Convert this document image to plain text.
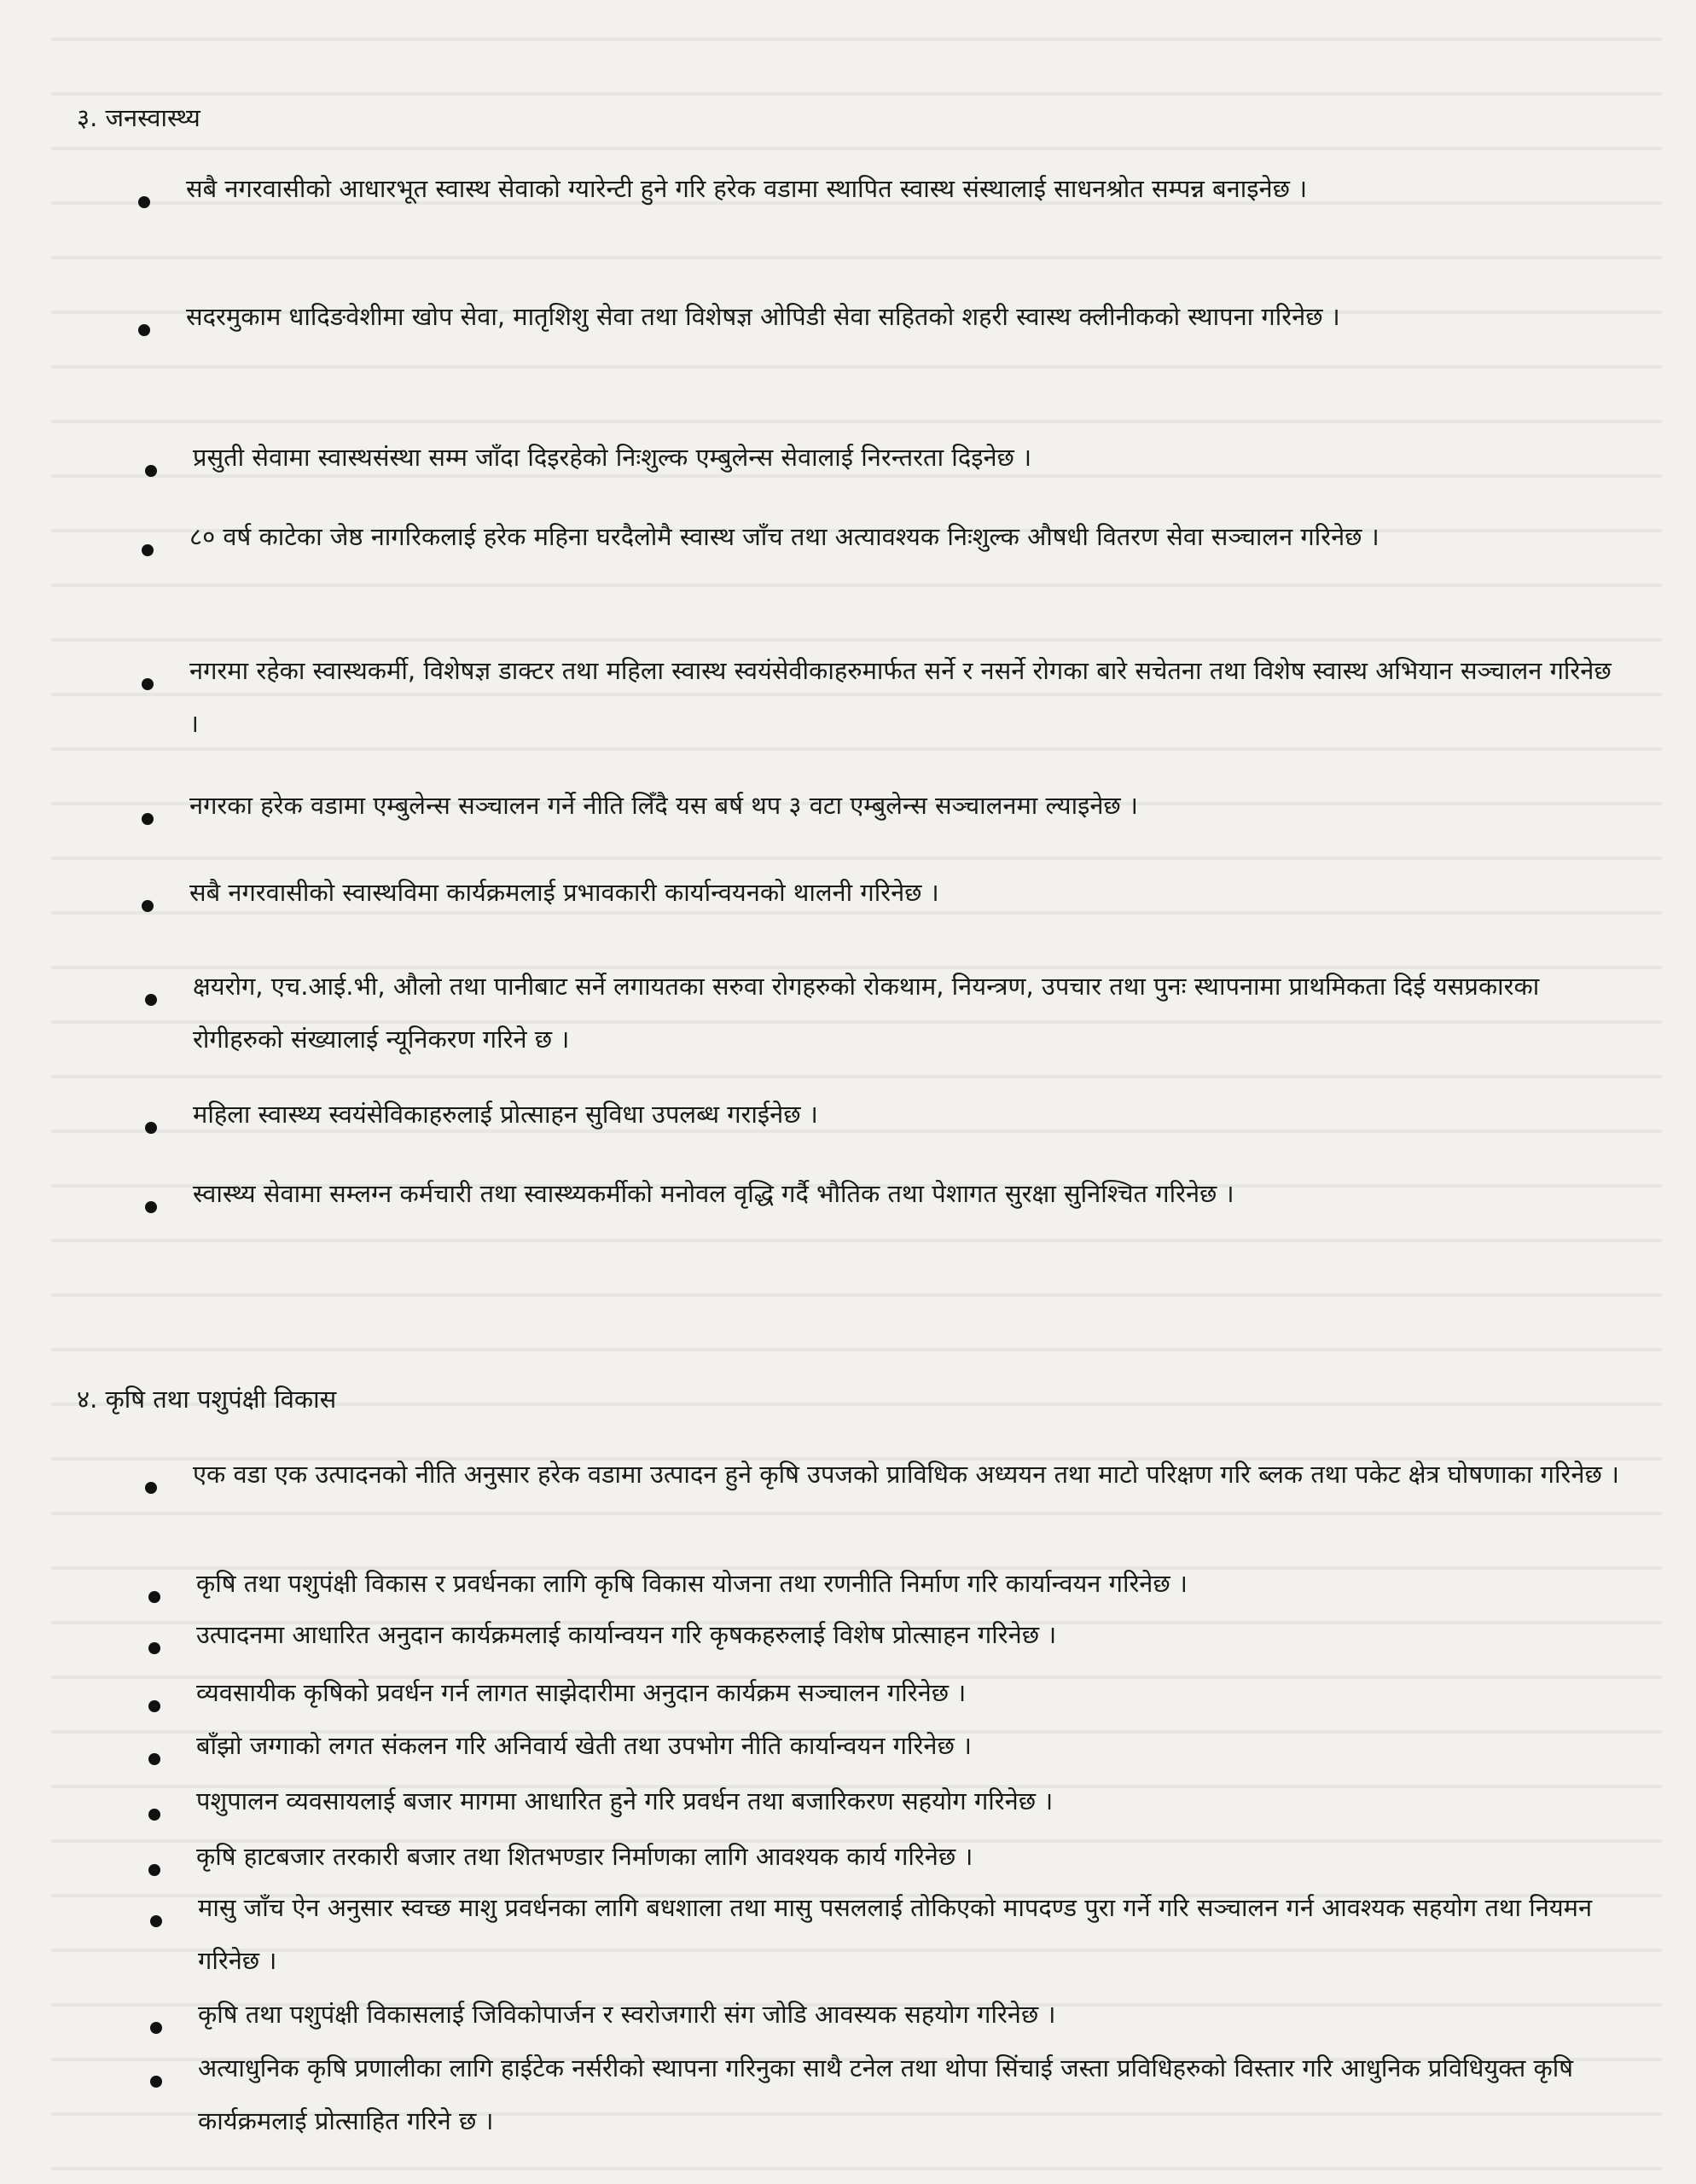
३. जनस्वास्थ्य
सबै नगरवासीको आधारभूत स्वास्थ सेवाको ग्यारेन्टी हुने गरि हरेक वडामा स्थापित स्वास्थ संस्थालाई साधनश्रोत सम्पन्न बनाइनेछ ।
सदरमुकाम धादिङवेशीमा खोप सेवा, मातृशिशु सेवा तथा विशेषज्ञ ओपिडी सेवा सहितको शहरी स्वास्थ क्लीनीकको स्थापना गरिनेछ ।
प्रसुती सेवामा स्वास्थसंस्था सम्म जाँदा दिइरहेको निःशुल्क एम्बुलेन्स सेवालाई निरन्तरता दिइनेछ ।
८० वर्ष काटेका जेष्ठ नागरिकलाई हरेक महिना घरदैलोमै स्वास्थ जाँच तथा अत्यावश्यक निःशुल्क औषधी वितरण सेवा सञ्चालन गरिनेछ ।
नगरमा रहेका स्वास्थकर्मी, विशेषज्ञ डाक्टर तथा महिला स्वास्थ स्वयंसेवीकाहरुमार्फत सर्ने र नसर्ने रोगका बारे सचेतना तथा विशेष स्वास्थ अभियान सञ्चालन गरिनेछ ।
नगरका हरेक वडामा एम्बुलेन्स सञ्चालन गर्ने नीति लिँदै यस बर्ष थप ३ वटा एम्बुलेन्स सञ्चालनमा ल्याइनेछ ।
सबै नगरवासीको स्वास्थविमा कार्यक्रमलाई प्रभावकारी कार्यान्वयनको थालनी गरिनेछ ।
क्षयरोग, एच.आई.भी, औलो तथा पानीबाट सर्ने लगायतका सरुवा रोगहरुको रोकथाम, नियन्त्रण, उपचार तथा पुनः स्थापनामा प्राथमिकता दिई यसप्रकारका रोगीहरुको संख्यालाई न्यूनिकरण गरिने छ ।
महिला स्वास्थ्य स्वयंसेविकाहरुलाई प्रोत्साहन सुविधा उपलब्ध गराईनेछ ।
स्वास्थ्य सेवामा सम्लग्न कर्मचारी तथा स्वास्थ्यकर्मीको मनोवल वृद्धि गर्दै भौतिक तथा पेशागत सुरक्षा सुनिश्चित गरिनेछ ।
४. कृषि तथा पशुपंक्षी विकास
एक वडा एक उत्पादनको नीति अनुसार हरेक वडामा उत्पादन हुने कृषि उपजको प्राविधिक अध्ययन तथा माटो परिक्षण गरि ब्लक तथा पकेट क्षेत्र घोषणाका गरिनेछ ।
कृषि तथा पशुपंक्षी विकास र प्रवर्धनका लागि कृषि विकास योजना तथा रणनीति निर्माण गरि कार्यान्वयन गरिनेछ ।
उत्पादनमा आधारित अनुदान कार्यक्रमलाई कार्यान्वयन गरि कृषकहरुलाई विशेष प्रोत्साहन गरिनेछ ।
व्यवसायीक कृषिको प्रवर्धन गर्न लागत साझेदारीमा अनुदान कार्यक्रम सञ्चालन गरिनेछ ।
बाँझो जग्गाको लगत संकलन गरि अनिवार्य खेती तथा उपभोग नीति कार्यान्वयन गरिनेछ ।
पशुपालन व्यवसायलाई बजार मागमा आधारित हुने गरि प्रवर्धन तथा बजारिकरण सहयोग गरिनेछ ।
कृषि हाटबजार तरकारी बजार तथा शितभण्डार निर्माणका लागि आवश्यक कार्य गरिनेछ ।
मासु जाँच ऐन अनुसार स्वच्छ माशु प्रवर्धनका लागि बधशाला तथा मासु पसललाई तोकिएको मापदण्ड पुरा गर्ने गरि सञ्चालन गर्न आवश्यक सहयोग तथा नियमन गरिनेछ ।
कृषि तथा पशुपंक्षी विकासलाई जिविकोपार्जन र स्वरोजगारी संग जोडि आवस्यक सहयोग गरिनेछ ।
अत्याधुनिक कृषि प्रणालीका लागि हाईटेक नर्सरीको स्थापना गरिनुका साथै टनेल तथा थोपा सिंचाई जस्ता प्रविधिहरुको विस्तार गरि आधुनिक प्रविधियुक्त कृषि कार्यक्रमलाई प्रोत्साहित गरिने छ ।
